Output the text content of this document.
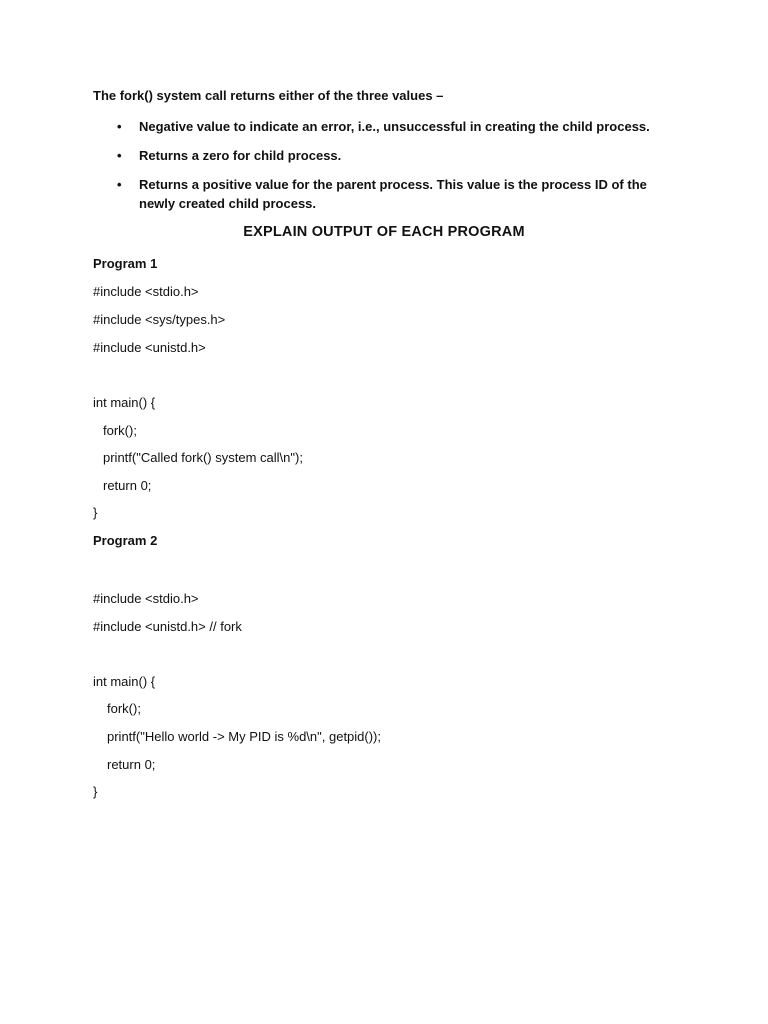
The fork() system call returns either of the three values –

• Negative value to indicate an error, i.e., unsuccessful in creating the child process.
• Returns a zero for child process.
• Returns a positive value for the parent process. This value is the process ID of the newly created child process.
EXPLAIN OUTPUT OF EACH PROGRAM

Program 1

#include <stdio.h>

#include <sys/types.h>

#include <unistd.h>

int main() {

fork();

printf("Called fork() system call\n");

return 0;

}

Program 2

#include <stdio.h>

#include <unistd.h> // fork

int main() {

fork();

printf("Hello world -> My PID is %d\n", getpid());

return 0;

}
